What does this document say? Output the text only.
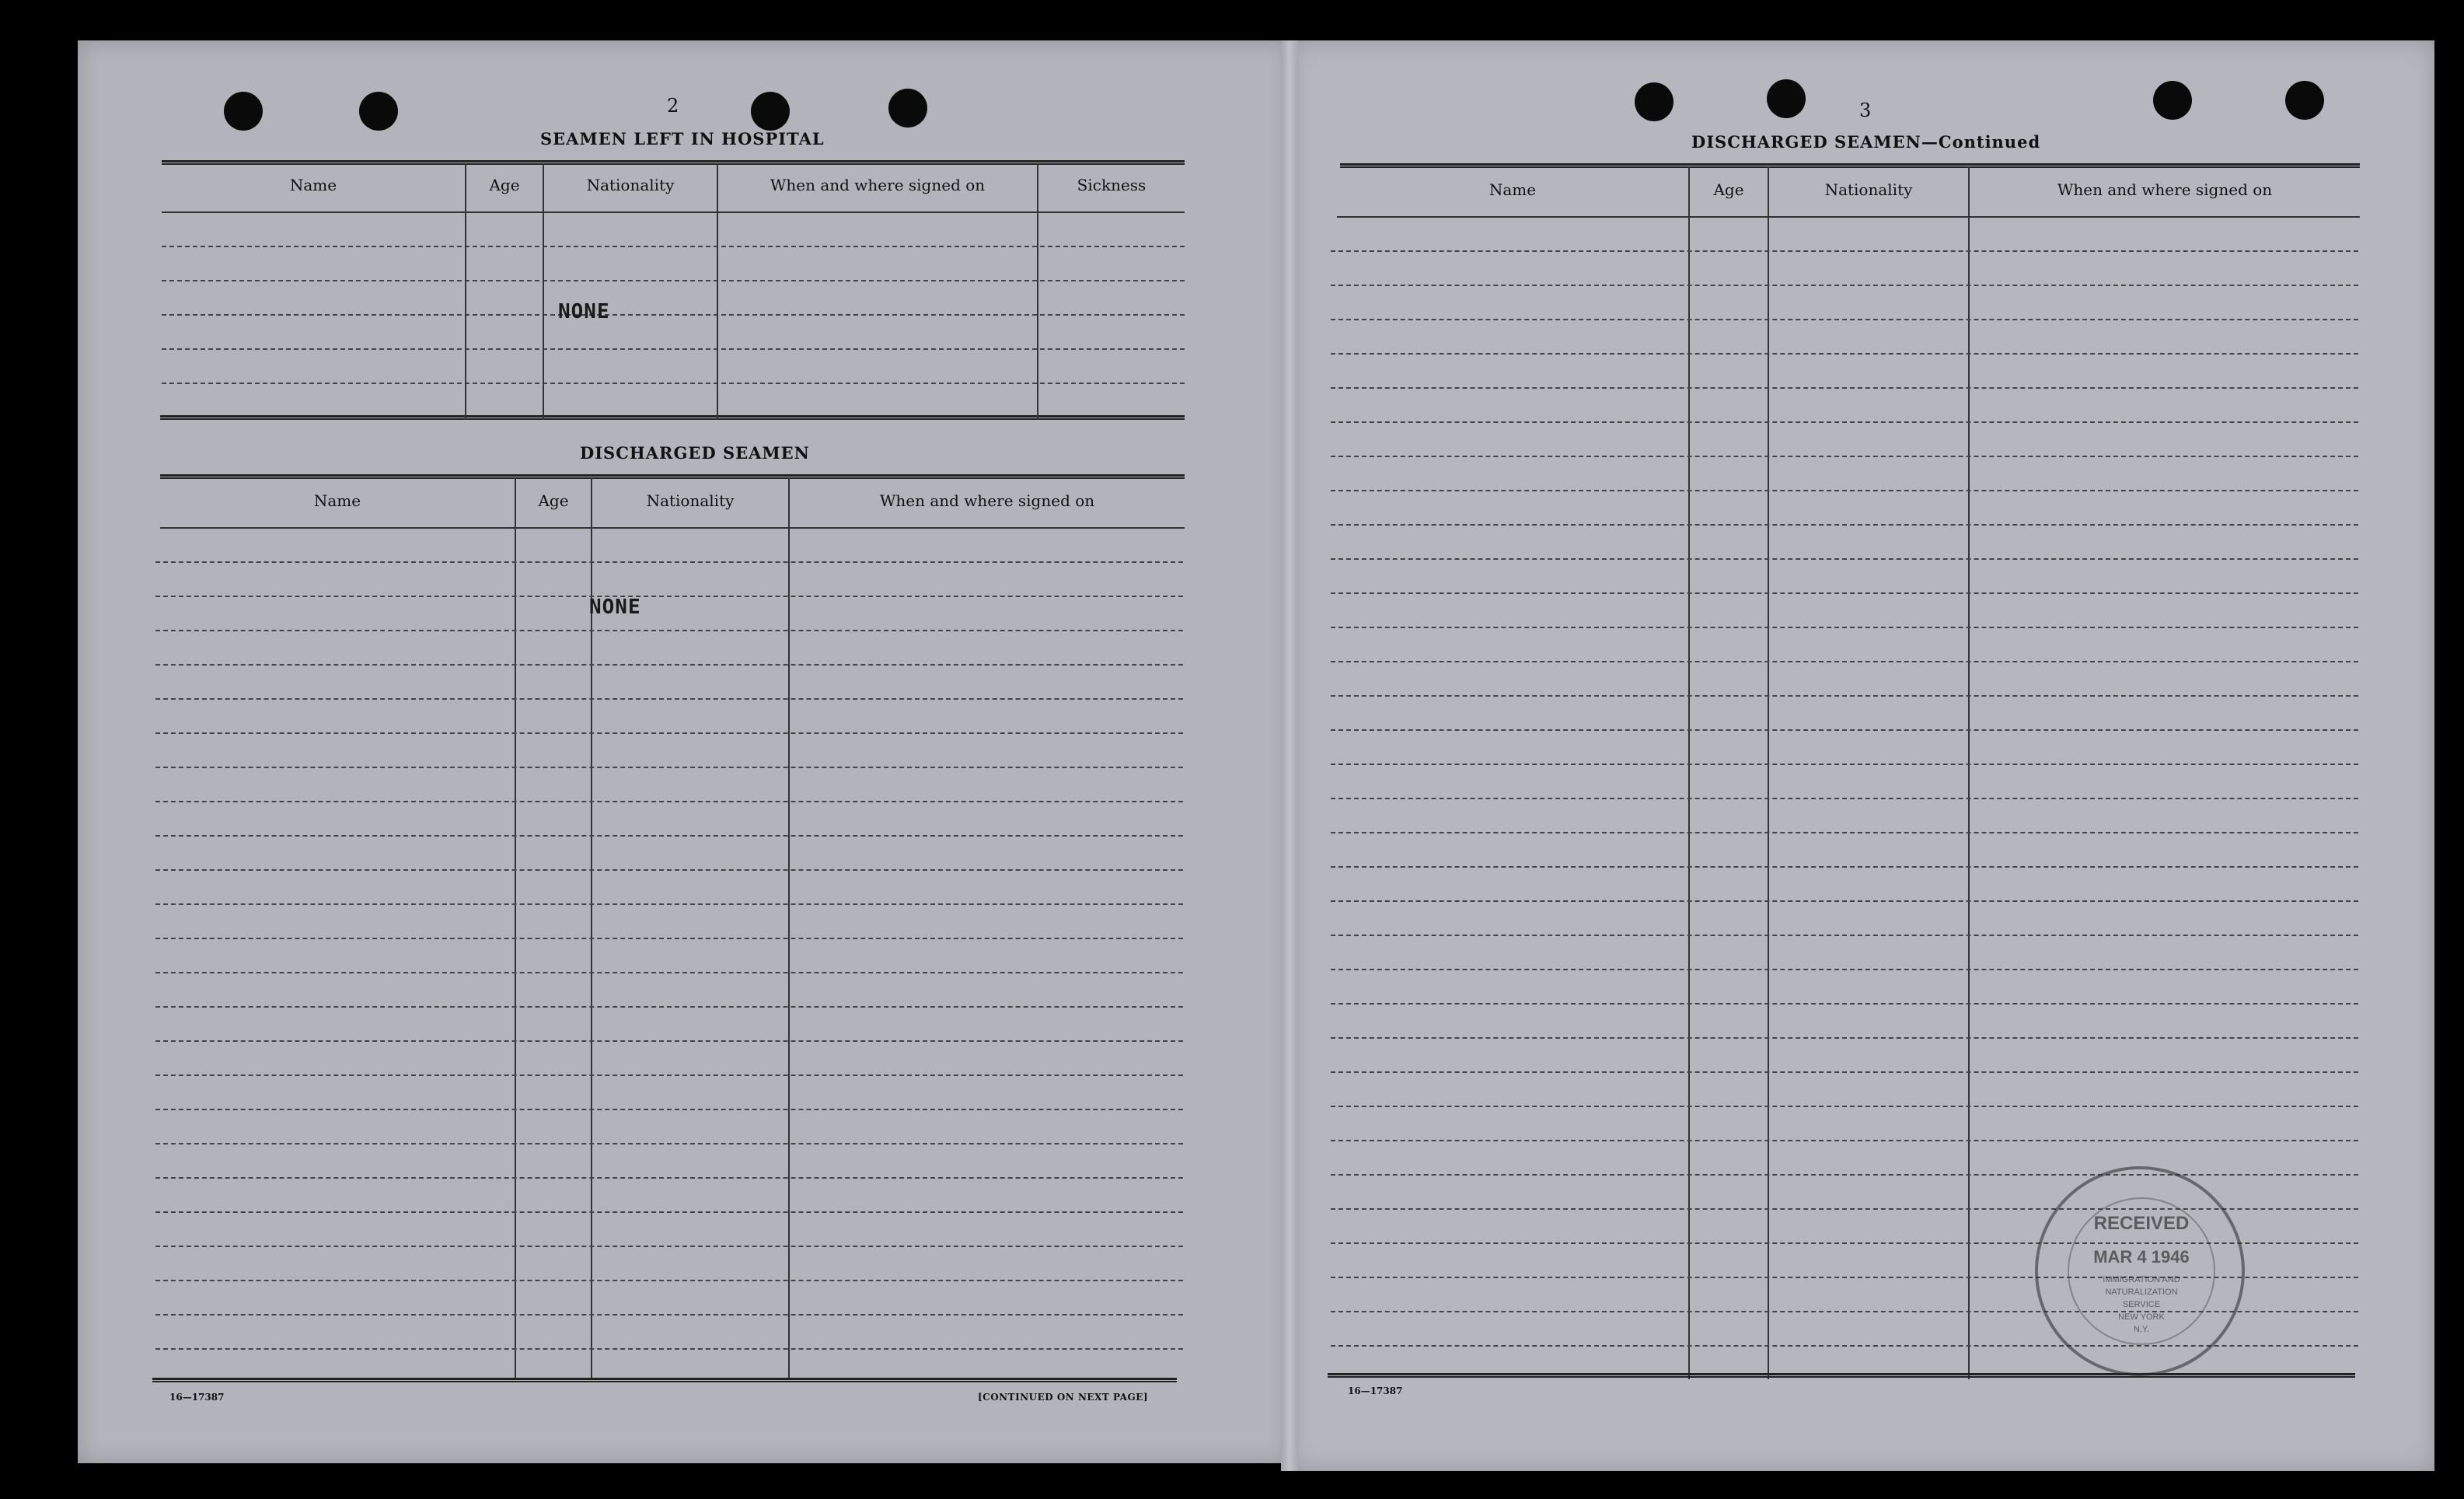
2
SEAMEN LEFT IN HOSPITAL
Name	Age	Nationality	When and where signed on	Sickness
NONE
DISCHARGED SEAMEN
Name	Age	Nationality	When and where signed on
NONE
16—17387	[CONTINUED ON NEXT PAGE]
3
DISCHARGED SEAMEN—Continued
Name	Age	Nationality	When and where signed on
16—17387
RECEIVED
MAR 4 1946
IMMIGRATION AND
NATURALIZATION
SERVICE
NEW YORK
N.Y.
